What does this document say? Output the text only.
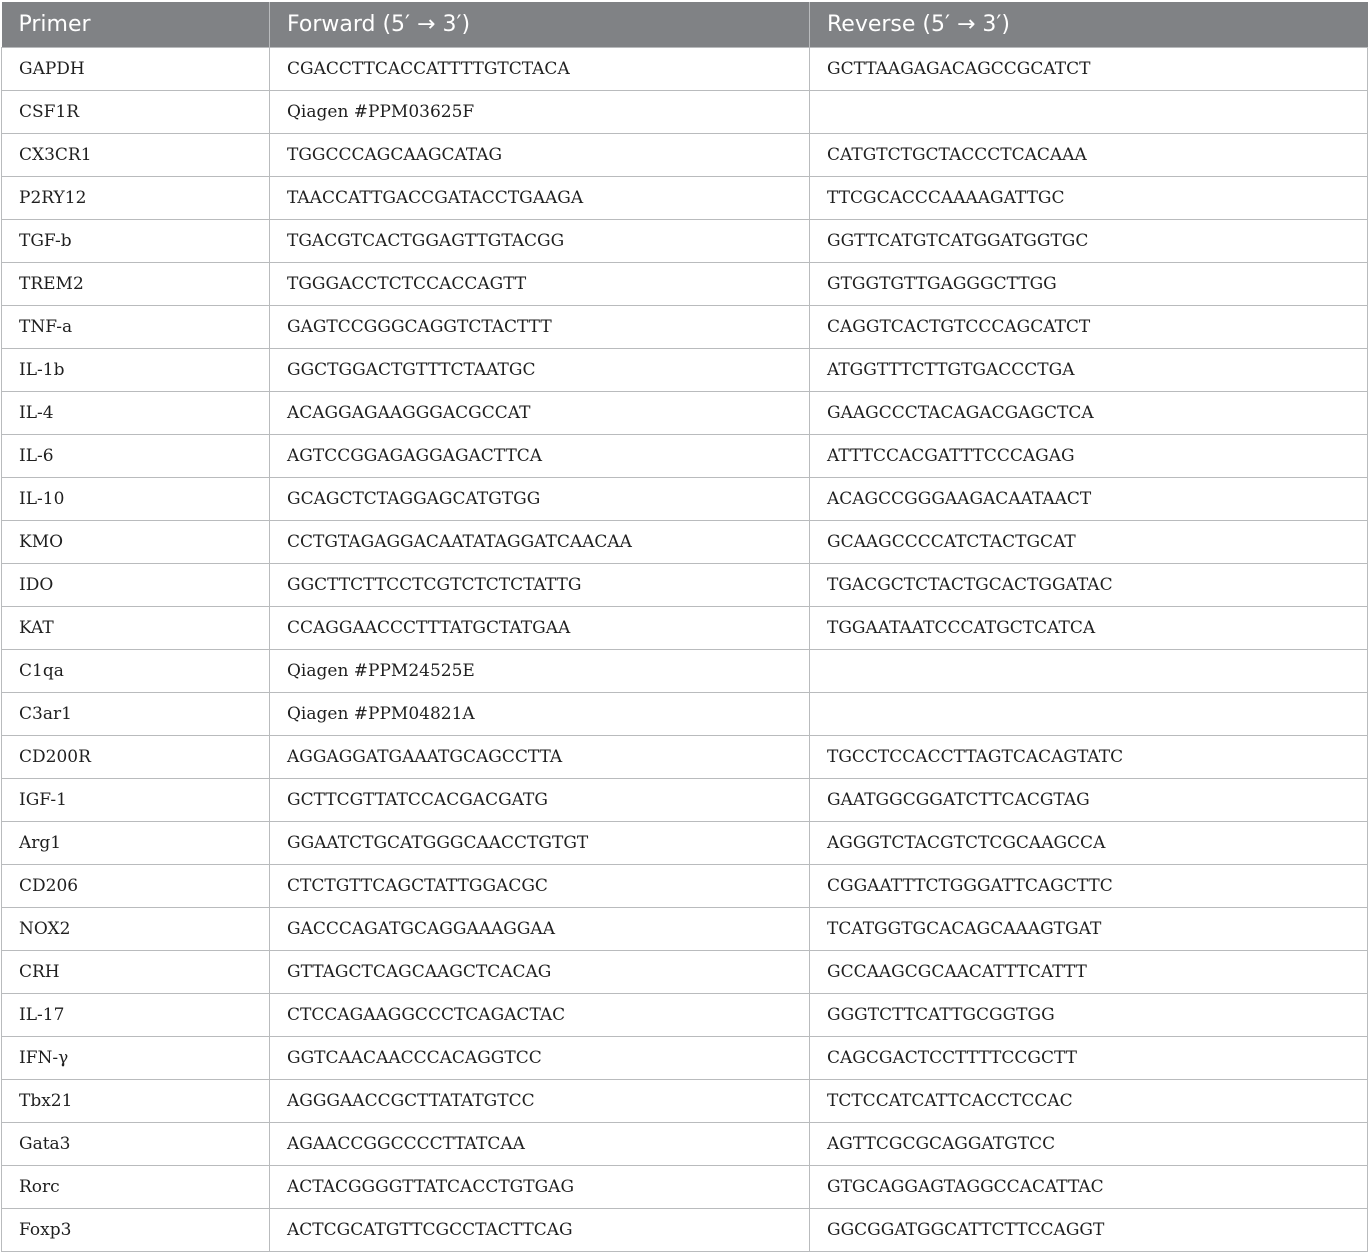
Primer	Forward (5′ → 3′)	Reverse (5′ → 3′)
GAPDH	CGACCTTCACCATTTTGTCTACA	GCTTAAGAGACAGCCGCATCT
CSF1R	Qiagen #PPM03625F	
CX3CR1	TGGCCCAGCAAGCATAG	CATGTCTGCTACCCTCACAAA
P2RY12	TAACCATTGACCGATACCTGAAGA	TTCGCACCCAAAAGATTGC
TGF-b	TGACGTCACTGGAGTTGTACGG	GGTTCATGTCATGGATGGTGC
TREM2	TGGGACCTCTCCACCAGTT	GTGGTGTTGAGGGCTTGG
TNF-a	GAGTCCGGGCAGGTCTACTTT	CAGGTCACTGTCCCAGCATCT
IL-1b	GGCTGGACTGTTTCTAATGC	ATGGTTTCTTGTGACCCTGA
IL-4	ACAGGAGAAGGGACGCCAT	GAAGCCCTACAGACGAGCTCA
IL-6	AGTCCGGAGAGGAGACTTCA	ATTTCCACGATTTCCCAGAG
IL-10	GCAGCTCTAGGAGCATGTGG	ACAGCCGGGAAGACAATAACT
KMO	CCTGTAGAGGACAATATAGGATCAACAA	GCAAGCCCCATCTACTGCAT
IDO	GGCTTCTTCCTCGTCTCTCTATTG	TGACGCTCTACTGCACTGGATAC
KAT	CCAGGAACCCTTTATGCTATGAA	TGGAATAATCCCATGCTCATCA
C1qa	Qiagen #PPM24525E	
C3ar1	Qiagen #PPM04821A	
CD200R	AGGAGGATGAAATGCAGCCTTA	TGCCTCCACCTTAGTCACAGTATC
IGF-1	GCTTCGTTATCCACGACGATG	GAATGGCGGATCTTCACGTAG
Arg1	GGAATCTGCATGGGCAACCTGTGT	AGGGTCTACGTCTCGCAAGCCA
CD206	CTCTGTTCAGCTATTGGACGC	CGGAATTTCTGGGATTCAGCTTC
NOX2	GACCCAGATGCAGGAAAGGAA	TCATGGTGCACAGCAAAGTGAT
CRH	GTTAGCTCAGCAAGCTCACAG	GCCAAGCGCAACATTTCATTT
IL-17	CTCCAGAAGGCCCTCAGACTAC	GGGTCTTCATTGCGGTGG
IFN-γ	GGTCAACAACCCACAGGTCC	CAGCGACTCCTTTTCCGCTT
Tbx21	AGGGAACCGCTTATATGTCC	TCTCCATCATTCACCTCCAC
Gata3	AGAACCGGCCCCTTATCAA	AGTTCGCGCAGGATGTCC
Rorc	ACTACGGGGTTATCACCTGTGAG	GTGCAGGAGTAGGCCACATTAC
Foxp3	ACTCGCATGTTCGCCTACTTCAG	GGCGGATGGCATTCTTCCAGGT
